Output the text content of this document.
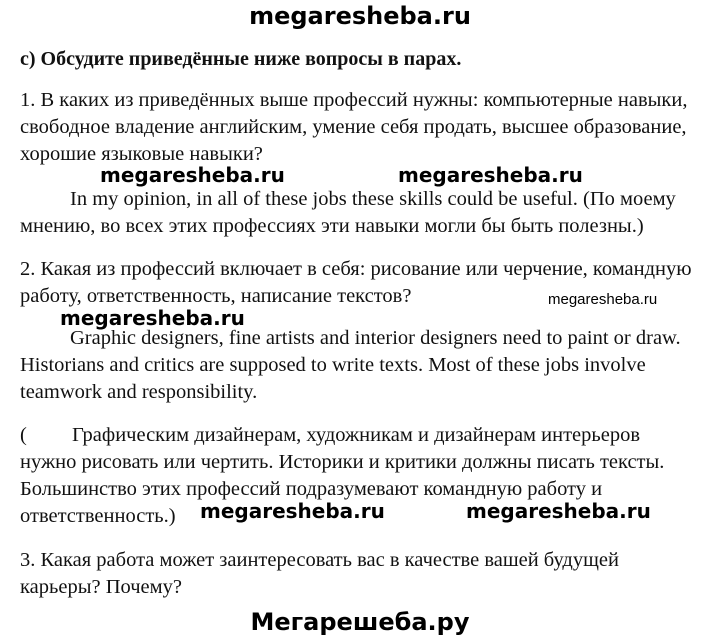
megaresheba.ru
c) Обсудите приведённые ниже вопросы в парах.
1. В каких из приведённых выше профессий нужны: компьютерные навыки,
свободное владение английским, умение себя продать, высшее образование,
хорошие языковые навыки?
megaresheba.ru	megaresheba.ru
In my opinion, in all of these jobs these skills could be useful. (По моему
мнению, во всех этих профессиях эти навыки могли бы быть полезны.)
2. Какая из профессий включает в себя: рисование или черчение, командную
работу, ответственность, написание текстов?	megaresheba.ru
megaresheba.ru
Graphic designers, fine artists and interior designers need to paint or draw.
Historians and critics are supposed to write texts. Most of these jobs involve
teamwork and responsibility.
( Графическим дизайнерам, художникам и дизайнерам интерьеров
нужно рисовать или чертить. Историки и критики должны писать тексты.
Большинство этих профессий подразумевают командную работу и
ответственность.) megaresheba.ru	megaresheba.ru
3. Какая работа может заинтересовать вас в качестве вашей будущей
карьеры? Почему?
Мегарешеба.ру
